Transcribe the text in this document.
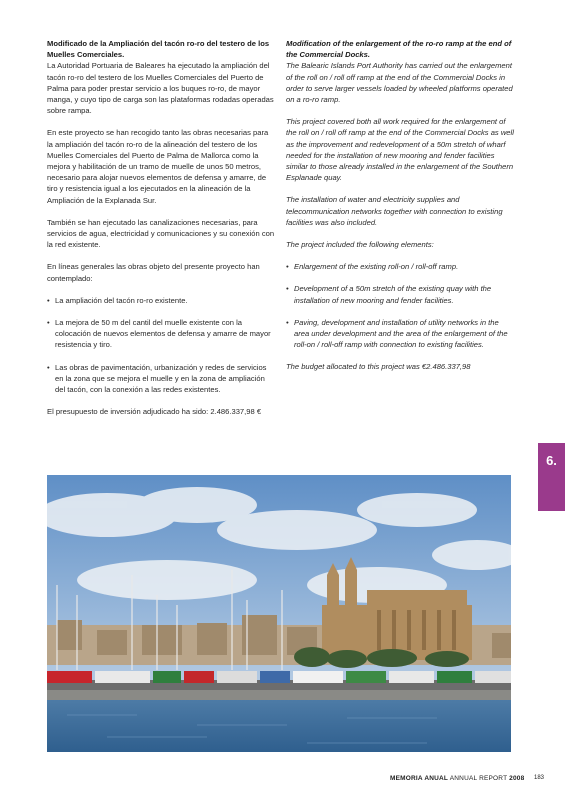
Modificado de la Ampliación del tacón ro-ro del testero de los Muelles Comerciales.

La Autoridad Portuaria de Baleares ha ejecutado la ampliación del tacón ro-ro del testero de los Muelles Comerciales del Puerto de Palma para poder prestar servicio a los buques ro-ro, de mayor manga, y cuyo tipo de carga son las plataformas rodadas operadas sobre rampa.

En este proyecto se han recogido tanto las obras necesarias para la ampliación del tacón ro-ro de la alineación del testero de los Muelles Comerciales del Puerto de Palma de Mallorca como la mejora y habilitación de un tramo de muelle de unos 50 metros, necesario para alojar nuevos elementos de defensa y amarre, de tiro y resistencia igual a los ejecutados en la alineación de la Ampliación de la Explanada Sur.

También se han ejecutado las canalizaciones necesarias, para servicios de agua, electricidad y comunicaciones y su conexión con la red existente.

En líneas generales las obras objeto del presente proyecto han contemplado:

• La ampliación del tacón ro-ro existente.
• La mejora de 50 m del cantil del muelle existente con la colocación de nuevos elementos de defensa y amarre de mayor resistencia y tiro.
• Las obras de pavimentación, urbanización y redes de servicios en la zona que se mejora el muelle y en la zona de ampliación del tacón, con la conexión a las redes existentes.

El presupuesto de inversión adjudicado ha sido: 2.486.337,98 €

Modification of the enlargement of the ro-ro ramp at the end of the Commercial Docks.

The Balearic Islands Port Authority has carried out the enlargement of the roll on / roll off ramp at the end of the Commercial Docks in order to serve larger vessels loaded by wheeled platforms operated on a ro-ro ramp.

This project covered both all work required for the enlargement of the roll on / roll off ramp at the end of the Commercial Docks as well as the improvement and redevelopment of a 50m stretch of wharf needed for the installation of new mooring and fender facilities similar to those already installed in the enlargement of the Southern Esplanade quay.

The installation of water and electricity supplies and telecommunication networks together with connection to existing facilities was also included.

The project included the following elements:

• Enlargement of the existing roll-on / roll-off ramp.
• Development of a 50m stretch of the existing quay with the installation of new mooring and fender facilities.
• Paving, development and installation of utility networks in the area under development and the area of the enlargement of the roll-on / roll-off ramp with connection to existing facilities.

The budget allocated to this project was €2.486.337,98

6.
MEMORIA ANUAL ANNUAL REPORT 2008 183
